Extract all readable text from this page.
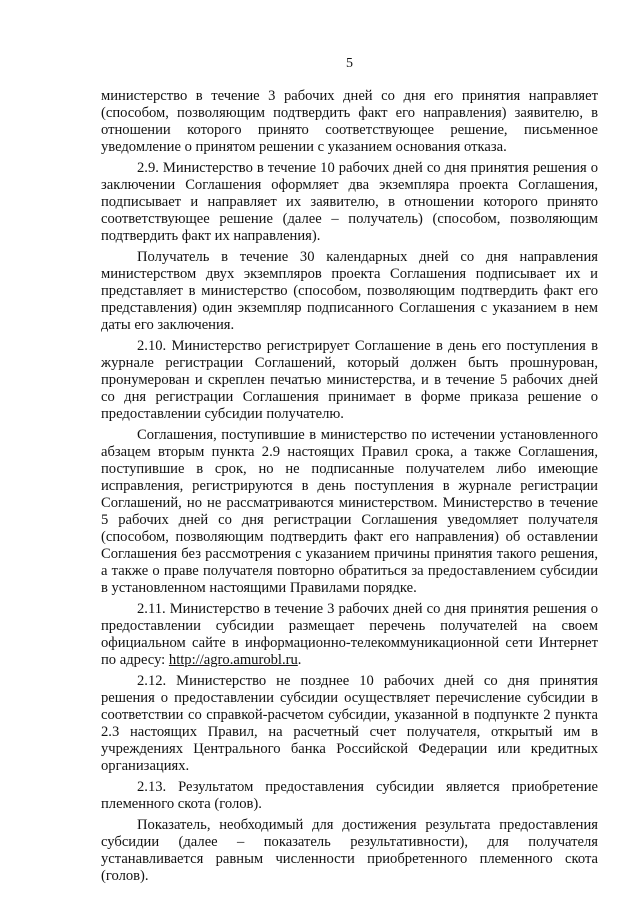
5

министерство в течение 3 рабочих дней со дня его принятия направляет (способом, позволяющим подтвердить факт его направления) заявителю, в отношении которого принято соответствующее решение, письменное уведомление о принятом решении с указанием основания отказа.

2.9. Министерство в течение 10 рабочих дней со дня принятия решения о заключении Соглашения оформляет два экземпляра проекта Соглашения, подписывает и направляет их заявителю, в отношении которого принято соответствующее решение (далее – получатель) (способом, позволяющим подтвердить факт их направления).

Получатель в течение 30 календарных дней со дня направления министерством двух экземпляров проекта Соглашения подписывает их и представляет в министерство (способом, позволяющим подтвердить факт его представления) один экземпляр подписанного Соглашения с указанием в нем даты его заключения.

2.10. Министерство регистрирует Соглашение в день его поступления в журнале регистрации Соглашений, который должен быть прошнурован, пронумерован и скреплен печатью министерства, и в течение 5 рабочих дней со дня регистрации Соглашения принимает в форме приказа решение о предоставлении субсидии получателю.

Соглашения, поступившие в министерство по истечении установленного абзацем вторым пункта 2.9 настоящих Правил срока, а также Соглашения, поступившие в срок, но не подписанные получателем либо имеющие исправления, регистрируются в день поступления в журнале регистрации Соглашений, но не рассматриваются министерством. Министерство в течение 5 рабочих дней со дня регистрации Соглашения уведомляет получателя (способом, позволяющим подтвердить факт его направления) об оставлении Соглашения без рассмотрения с указанием причины принятия такого решения, а также о праве получателя повторно обратиться за предоставлением субсидии в установленном настоящими Правилами порядке.

2.11. Министерство в течение 3 рабочих дней со дня принятия решения о предоставлении субсидии размещает перечень получателей на своем официальном сайте в информационно-телекоммуникационной сети Интернет по адресу: http://agro.amurobl.ru.

2.12. Министерство не позднее 10 рабочих дней со дня принятия решения о предоставлении субсидии осуществляет перечисление субсидии в соответствии со справкой-расчетом субсидии, указанной в подпункте 2 пункта 2.3 настоящих Правил, на расчетный счет получателя, открытый им в учреждениях Центрального банка Российской Федерации или кредитных организациях.

2.13. Результатом предоставления субсидии является приобретение племенного скота (голов).

Показатель, необходимый для достижения результата предоставления субсидии (далее – показатель результативности), для получателя устанавливается равным численности приобретенного племенного скота (голов).
